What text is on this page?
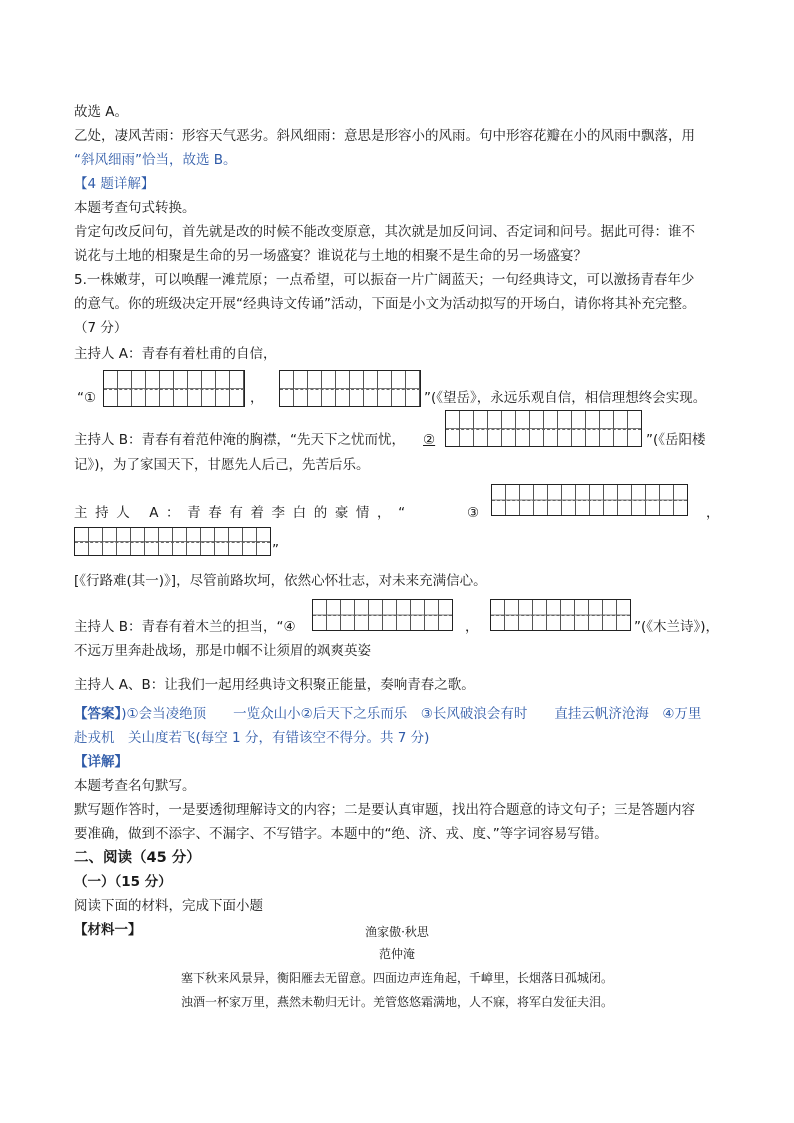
故选 A。
乙处，凄风苦雨：形容天气恶劣。斜风细雨：意思是形容小的风雨。句中形容花瓣在小的风雨中飘落，用
“斜风细雨”恰当，故选 B。
【4 题详解】
本题考查句式转换。
肯定句改反问句，首先就是改的时候不能改变原意，其次就是加反问词、否定词和问号。据此可得：谁不
说花与土地的相聚是生命的另一场盛宴？谁说花与土地的相聚不是生命的另一场盛宴？
5.一株嫩芽，可以唤醒一滩荒原；一点希望，可以振奋一片广阔蓝天；一句经典诗文，可以激扬青春年少
的意气。你的班级决定开展“经典诗文传诵”活动，下面是小文为活动拟写的开场白，请你将其补充完整。
（7 分）
主持人 A：青春有着杜甫的自信，
“①	，	”(《望岳》，永远乐观自信，相信理想终会实现。
主持人 B：青春有着范仲淹的胸襟，“先天下之忧而忧， ②	”(《岳阳楼
记》)，为了家国天下，甘愿先人后己，先苦后乐。
主持人 A：青春有着李白的豪情，“	③	，
”
[《行路难(其一)》]，尽管前路坎坷，依然心怀壮志，对未来充满信心。
主持人 B：青春有着木兰的担当，“④	，	”(《木兰诗》)，
不远万里奔赴战场，那是巾帼不让须眉的飒爽英姿
主持人 A、B：让我们一起用经典诗文积聚正能量，奏响青春之歌。
【答案】)①会当凌绝顶　　一览众山小②后天下之乐而乐　③长风破浪会有时　　直挂云帆济沧海　④万里
赴戎机　关山度若飞(每空 1 分，有错该空不得分。共 7 分)
【详解】
本题考查名句默写。
默写题作答时，一是要透彻理解诗文的内容；二是要认真审题，找出符合题意的诗文句子；三是答题内容
要准确，做到不添字、不漏字、不写错字。本题中的“绝、济、戎、度、”等字词容易写错。
二、阅读（45 分）
（一）（15 分）
阅读下面的材料，完成下面小题
【材料一】	渔家傲·秋思
范仲淹
塞下秋来风景异，衡阳雁去无留意。四面边声连角起，千嶂里，长烟落日孤城闭。
浊酒一杯家万里，燕然未勒归无计。羌管悠悠霜满地，人不寐，将军白发征夫泪。
